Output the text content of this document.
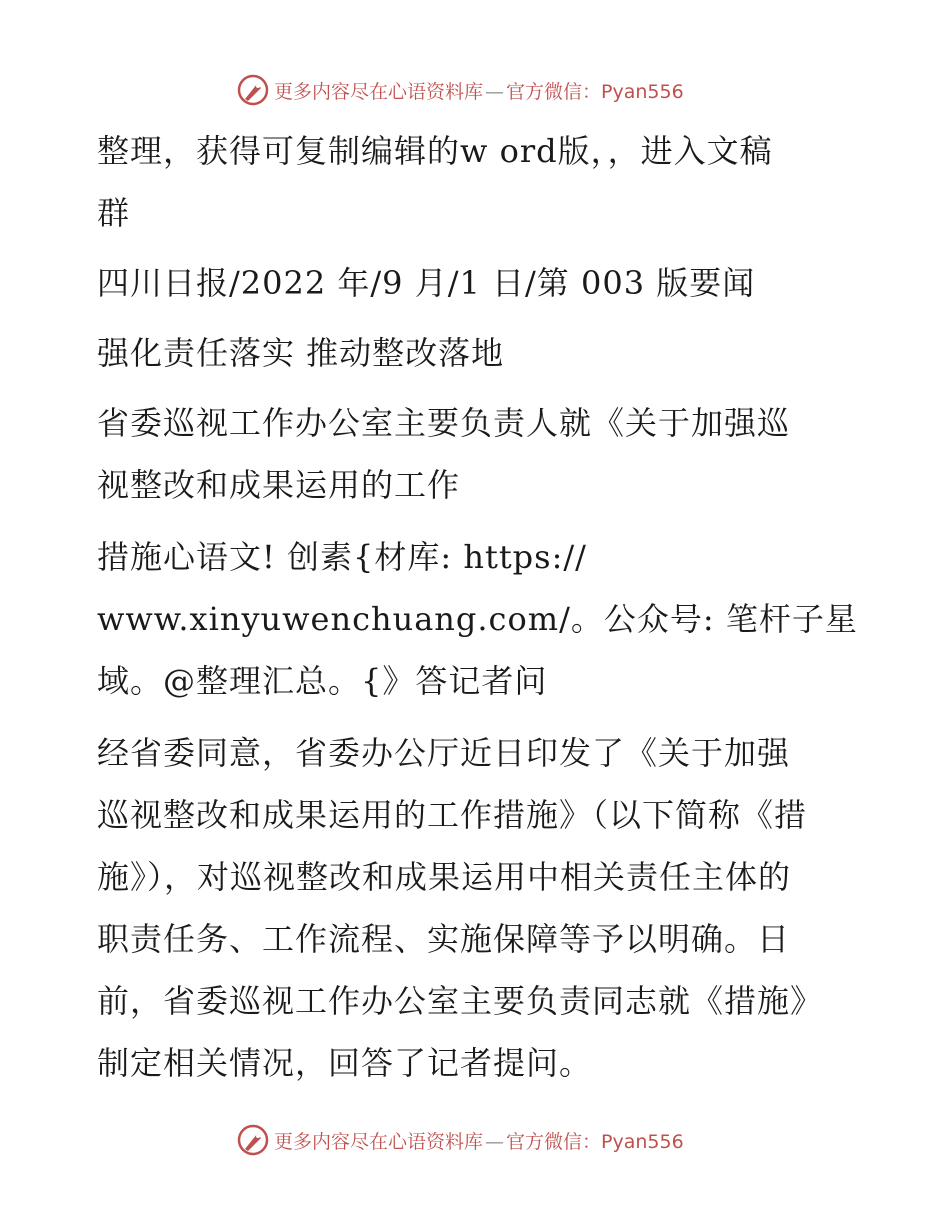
更多内容尽在心语资料库 — 官方微信：Pyan556

整理，获得可复制编辑的w ord版，，进入文稿
群

四川日报/2022 年/9 月/1 日/第 003 版要闻

强化责任落实 推动整改落地

省委巡视工作办公室主要负责人就《关于加强巡
视整改和成果运用的工作

措施心语文! 创素{材库: https://
www.xinyuwenchuang.com/。公众号: 笔杆子星
域。@整理汇总。{》答记者问

经省委同意，省委办公厅近日印发了《关于加强
巡视整改和成果运用的工作措施》（以下简称《措
施》），对巡视整改和成果运用中相关责任主体的
职责任务、工作流程、实施保障等予以明确。日
前，省委巡视工作办公室主要负责同志就《措施》
制定相关情况，回答了记者提问。

更多内容尽在心语资料库 — 官方微信：Pyan556
